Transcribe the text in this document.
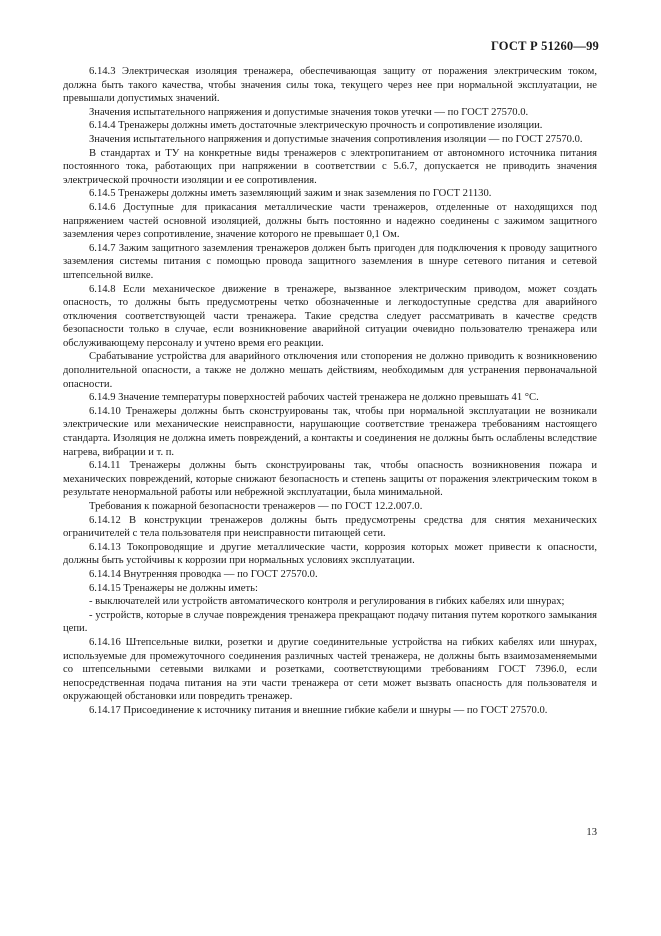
ГОСТ Р 51260—99

6.14.3 Электрическая изоляция тренажера, обеспечивающая защиту от поражения электрическим током, должна быть такого качества, чтобы значения силы тока, текущего через нее при нормальной эксплуатации, не превышали допустимых значений.

Значения испытательного напряжения и допустимые значения токов утечки — по ГОСТ 27570.0.

6.14.4 Тренажеры должны иметь достаточные электрическую прочность и сопротивление изоляции.

Значения испытательного напряжения и допустимые значения сопротивления изоляции — по ГОСТ 27570.0.

В стандартах и ТУ на конкретные виды тренажеров с электропитанием от автономного источника питания постоянного тока, работающих при напряжении в соответствии с 5.6.7, допускается не приводить значения электрической прочности изоляции и ее сопротивления.

6.14.5 Тренажеры должны иметь заземляющий зажим и знак заземления по ГОСТ 21130.

6.14.6 Доступные для прикасания металлические части тренажеров, отделенные от находящихся под напряжением частей основной изоляцией, должны быть постоянно и надежно соединены с зажимом защитного заземления через сопротивление, значение которого не превышает 0,1 Ом.

6.14.7 Зажим защитного заземления тренажеров должен быть пригоден для подключения к проводу защитного заземления системы питания с помощью провода защитного заземления в шнуре сетевого питания и сетевой штепсельной вилке.

6.14.8 Если механическое движение в тренажере, вызванное электрическим приводом, может создать опасность, то должны быть предусмотрены четко обозначенные и легкодоступные средства для аварийного отключения соответствующей части тренажера. Такие средства следует рассматривать в качестве средств безопасности только в случае, если возникновение аварийной ситуации очевидно пользователю тренажера или обслуживающему персоналу и учтено время его реакции.

Срабатывание устройства для аварийного отключения или стопорения не должно приводить к возникновению дополнительной опасности, а также не должно мешать действиям, необходимым для устранения первоначальной опасности.

6.14.9 Значение температуры поверхностей рабочих частей тренажера не должно превышать 41 °С.

6.14.10 Тренажеры должны быть сконструированы так, чтобы при нормальной эксплуатации не возникали электрические или механические неисправности, нарушающие соответствие тренажера требованиям настоящего стандарта. Изоляция не должна иметь повреждений, а контакты и соединения не должны быть ослаблены вследствие нагрева, вибрации и т. п.

6.14.11 Тренажеры должны быть сконструированы так, чтобы опасность возникновения пожара и механических повреждений, которые снижают безопасность и степень защиты от поражения электрическим током в результате ненормальной работы или небрежной эксплуатации, была минимальной.

Требования к пожарной безопасности тренажеров — по ГОСТ 12.2.007.0.

6.14.12 В конструкции тренажеров должны быть предусмотрены средства для снятия механических ограничителей с тела пользователя при неисправности питающей сети.

6.14.13 Токопроводящие и другие металлические части, коррозия которых может привести к опасности, должны быть устойчивы к коррозии при нормальных условиях эксплуатации.

6.14.14 Внутренняя проводка — по ГОСТ 27570.0.

6.14.15 Тренажеры не должны иметь:

- выключателей или устройств автоматического контроля и регулирования в гибких кабелях или шнурах;

- устройств, которые в случае повреждения тренажера прекращают подачу питания путем короткого замыкания цепи.

6.14.16 Штепсельные вилки, розетки и другие соединительные устройства на гибких кабелях или шнурах, используемые для промежуточного соединения различных частей тренажера, не должны быть взаимозаменяемыми со штепсельными сетевыми вилками и розетками, соответствующими требованиям ГОСТ 7396.0, если непосредственная подача питания на эти части тренажера от сети может вызвать опасность для пользователя и окружающей обстановки или повредить тренажер.

6.14.17 Присоединение к источнику питания и внешние гибкие кабели и шнуры — по ГОСТ 27570.0.

13
